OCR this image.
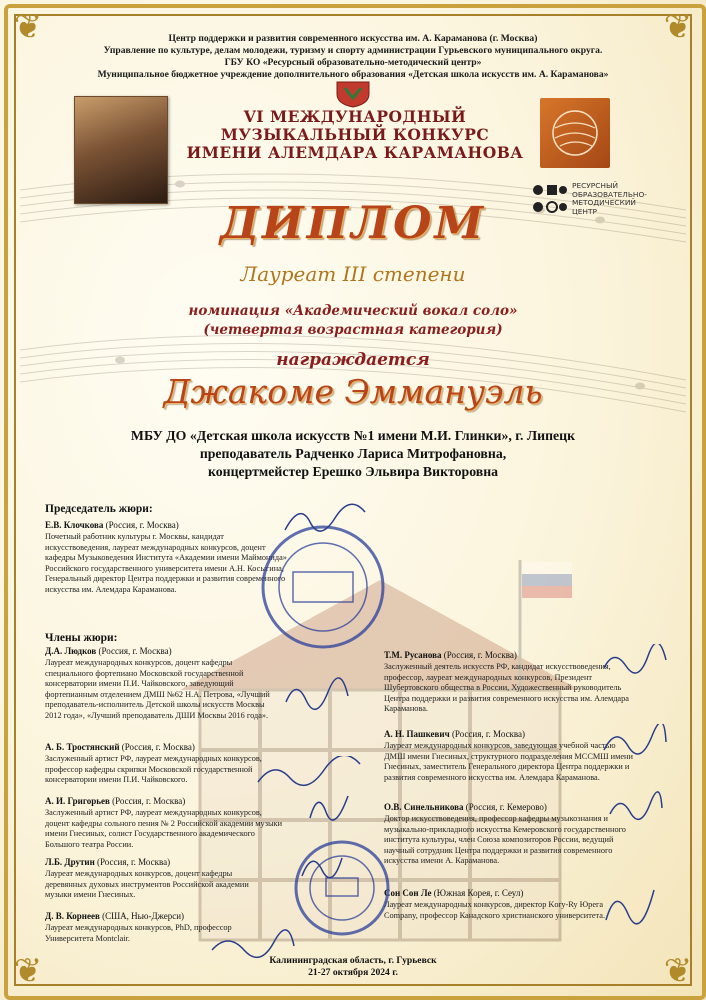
❦	❦
❦	❦
Центр поддержки и развития современного искусства им. А. Караманова (г. Москва)
Управление по культуре, делам молодежи, туризму и спорту администрации Гурьевского муниципального округа.
ГБУ КО «Ресурсный образовательно-методический центр»
Муниципальное бюджетное учреждение дополнительного образования «Детская школа искусств им. А. Караманова»
VI МЕЖДУНАРОДНЫЙ
МУЗЫКАЛЬНЫЙ КОНКУРС
ИМЕНИ АЛЕМДАРА КАРАМАНОВА
РЕСУРСНЫЙ
ОБРАЗОВАТЕЛЬНО-
МЕТОДИЧЕСКИЙ
ЦЕНТР
ДИПЛОМ
Лауреат III степени
номинация «Академический вокал соло»
(четвертая возрастная категория)
награждается
Джакоме Эммануэль
МБУ ДО «Детская школа искусств №1 имени М.И. Глинки», г. Липецк
преподаватель Радченко Лариса Митрофановна,
концертмейстер Ерешко Эльвира Викторовна
Председатель жюри:
Е.В. Клочкова (Россия, г. Москва)
Почетный работник культуры г. Москвы, кандидат искусствоведения, лауреат международных конкурсов, доцент кафедры Музыковедения Института «Академии имени Маймонида» Российского государственного университета имени А.Н. Косыгина, Генеральный директор Центра поддержки и развития современного искусства им. Алемдара Караманова.
Члены жюри:
Д.А. Людков (Россия, г. Москва)
Лауреат международных конкурсов, доцент кафедры специального фортепиано Московской государственной консерватории имени П.И. Чайковского, заведующий фортепианным отделением ДМШ №62 Н.А. Петрова, «Лучший преподаватель-исполнитель Детской школы искусств Москвы 2012 года», «Лучший преподаватель ДШИ Москвы 2016 года».
А. Б. Тростянский (Россия, г. Москва)
Заслуженный артист РФ, лауреат международных конкурсов, профессор кафедры скрипки Московской государственной консерватории имени П.И. Чайковского.
А. И. Григорьев (Россия, г. Москва)
Заслуженный артист РФ, лауреат международных конкурсов, доцент кафедры сольного пения № 2 Российской академии музыки имени Гнесиных, солист Государственного академического Большого театра России.
Л.Б. Друтин (Россия, г. Москва)
Лауреат международных конкурсов, доцент кафедры деревянных духовых инструментов Российской академии музыки имени Гнесиных.
Д. В. Корнеев (США, Нью-Джерси)
Лауреат международных конкурсов, PhD, профессор Университета Montclair.
Т.М. Русанова (Россия, г. Москва)
Заслуженный деятель искусств РФ, кандидат искусствоведения, профессор, лауреат международных конкурсов, Президент Шубертовского общества в России, Художественный руководитель Центра поддержки и развития современного искусства им. Алемдара Караманова.
А. Н. Пашкевич (Россия, г. Москва)
Лауреат международных конкурсов, заведующая учебной частью ДМШ имени Гнесиных, структурного подразделения МССМШ имени Гнесиных, заместитель Генерального директора Центра поддержки и развития современного искусства им. Алемдара Караманова.
О.В. Синельникова (Россия, г. Кемерово)
Доктор искусствоведения, профессор кафедры музыкознания и музыкально-прикладного искусства Кемеровского государственного института культуры, член Союза композиторов России, ведущий научный сотрудник Центра поддержки и развития современного искусства имени А. Караманова.
Сон Сон Ле (Южная Корея, г. Сеул)
Лауреат международных конкурсов, директор Kory-Ry Юрега Company, профессор Канадского христианского университета.
Калининградская область, г. Гурьевск
21-27 октября 2024 г.
